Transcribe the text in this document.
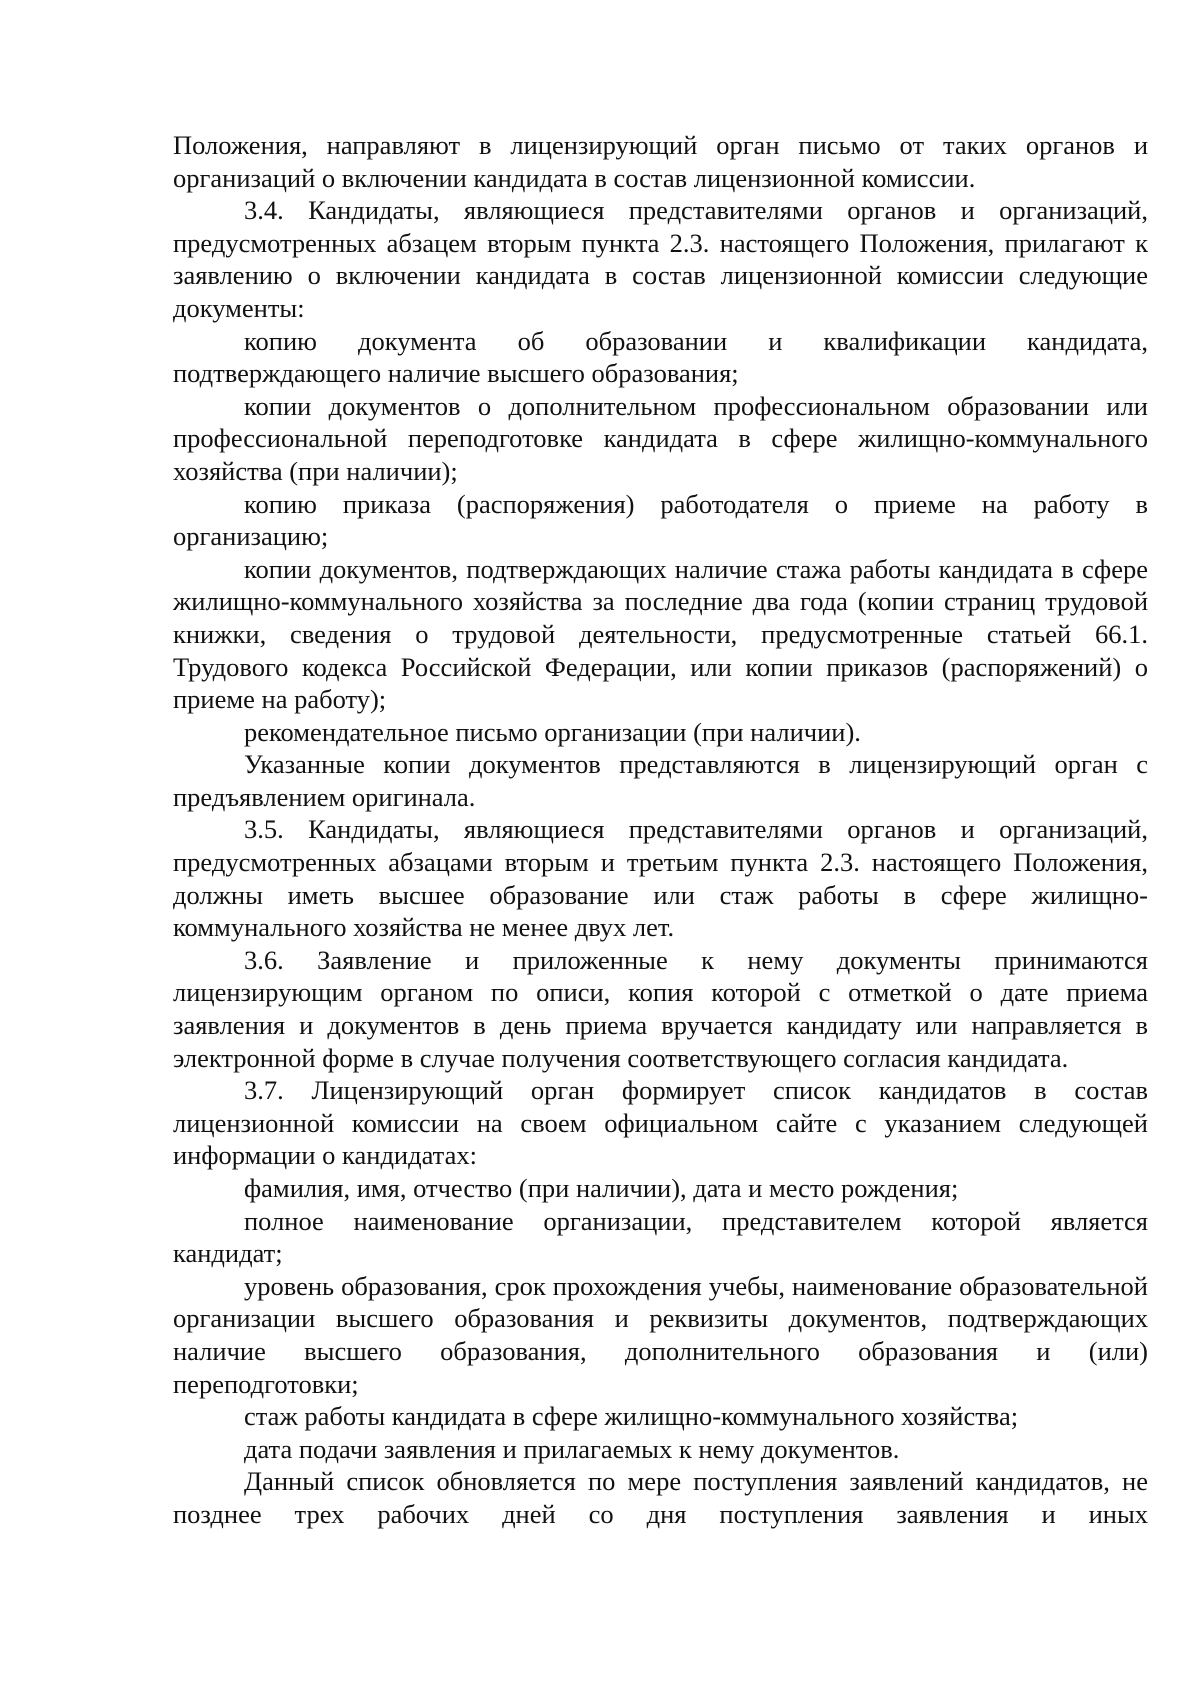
Положения, направляют в лицензирующий орган письмо от таких органов и организаций о включении кандидата в состав лицензионной комиссии.

3.4. Кандидаты, являющиеся представителями органов и организаций, предусмотренных абзацем вторым пункта 2.3. настоящего Положения, прилагают к заявлению о включении кандидата в состав лицензионной комиссии следующие документы:

копию документа об образовании и квалификации кандидата, подтверждающего наличие высшего образования;

копии документов о дополнительном профессиональном образовании или профессиональной переподготовке кандидата в сфере жилищно-коммунального хозяйства (при наличии);

копию приказа (распоряжения) работодателя о приеме на работу в организацию;

копии документов, подтверждающих наличие стажа работы кандидата в сфере жилищно-коммунального хозяйства за последние два года (копии страниц трудовой книжки, сведения о трудовой деятельности, предусмотренные статьей 66.1. Трудового кодекса Российской Федерации, или копии приказов (распоряжений) о приеме на работу);

рекомендательное письмо организации (при наличии).

Указанные копии документов представляются в лицензирующий орган с предъявлением оригинала.

3.5. Кандидаты, являющиеся представителями органов и организаций, предусмотренных абзацами вторым и третьим пункта 2.3. настоящего Положения, должны иметь высшее образование или стаж работы в сфере жилищно-коммунального хозяйства не менее двух лет.

3.6. Заявление и приложенные к нему документы принимаются лицензирующим органом по описи, копия которой с отметкой о дате приема заявления и документов в день приема вручается кандидату или направляется в электронной форме в случае получения соответствующего согласия кандидата.

3.7. Лицензирующий орган формирует список кандидатов в состав лицензионной комиссии на своем официальном сайте с указанием следующей информации о кандидатах:

фамилия, имя, отчество (при наличии), дата и место рождения;

полное наименование организации, представителем которой является кандидат;

уровень образования, срок прохождения учебы, наименование образовательной организации высшего образования и реквизиты документов, подтверждающих наличие высшего образования, дополнительного образования и (или) переподготовки;

стаж работы кандидата в сфере жилищно-коммунального хозяйства;

дата подачи заявления и прилагаемых к нему документов.

Данный список обновляется по мере поступления заявлений кандидатов, не позднее трех рабочих дней со дня поступления заявления и иных
